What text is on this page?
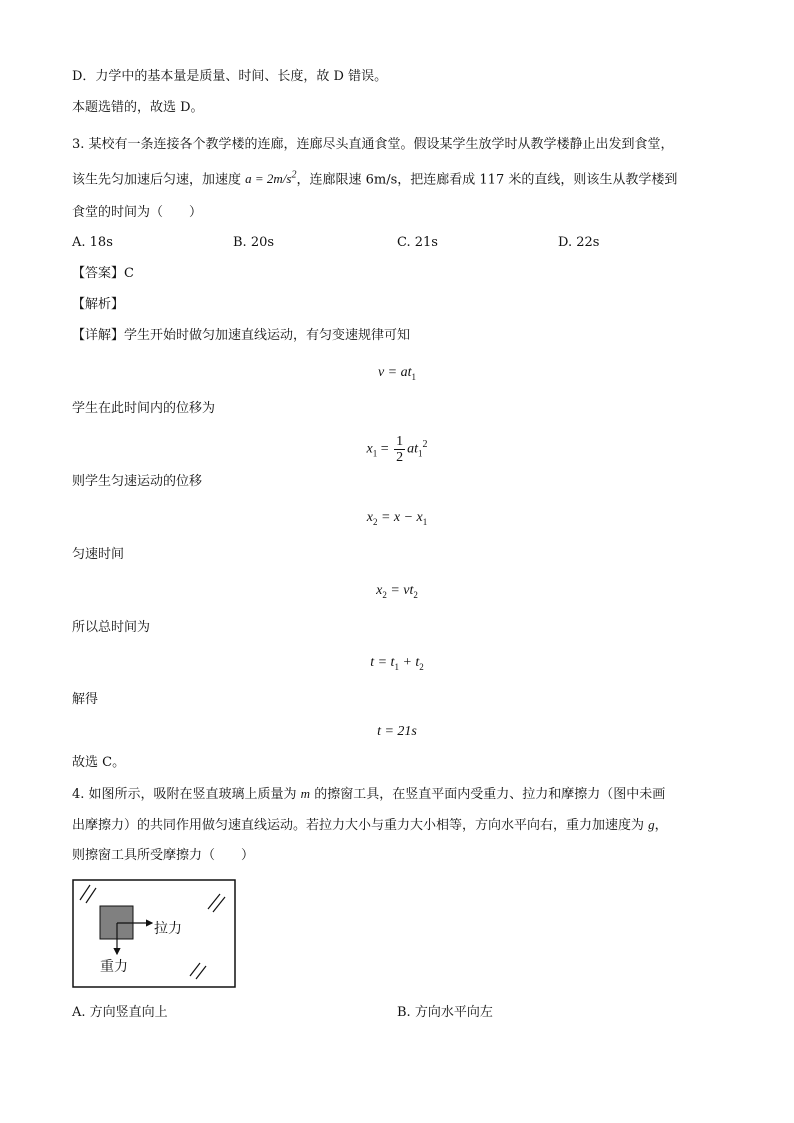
D．力学中的基本量是质量、时间、长度，故 D 错误。
本题选错的，故选 D。
3. 某校有一条连接各个教学楼的连廊，连廊尽头直通食堂。假设某学生放学时从教学楼静止出发到食堂，
该生先匀加速后匀速，加速度 $a = 2m/s^2$，连廊限速 6m/s，把连廊看成 117 米的直线，则该生从教学楼到
食堂的时间为（　　）
A. 18s	B. 20s	C. 21s	D. 22s
【答案】C
【解析】
【详解】学生开始时做匀加速直线运动，有匀变速规律可知
$v = at_1$
学生在此时间内的位移为
$x_1 = \frac{1}{2} at_1^2$
则学生匀速运动的位移
$x_2 = x - x_1$
匀速时间
$x_2 = vt_2$
所以总时间为
$t = t_1 + t_2$
解得
t = 21s
故选 C。
4. 如图所示，吸附在竖直玻璃上质量为 m 的擦窗工具，在竖直平面内受重力、拉力和摩擦力（图中未画
出摩擦力）的共同作用做匀速直线运动。若拉力大小与重力大小相等，方向水平向右，重力加速度为 g，
则擦窗工具所受摩擦力（　　）
拉力
重力
A. 方向竖直向上	B. 方向水平向左
